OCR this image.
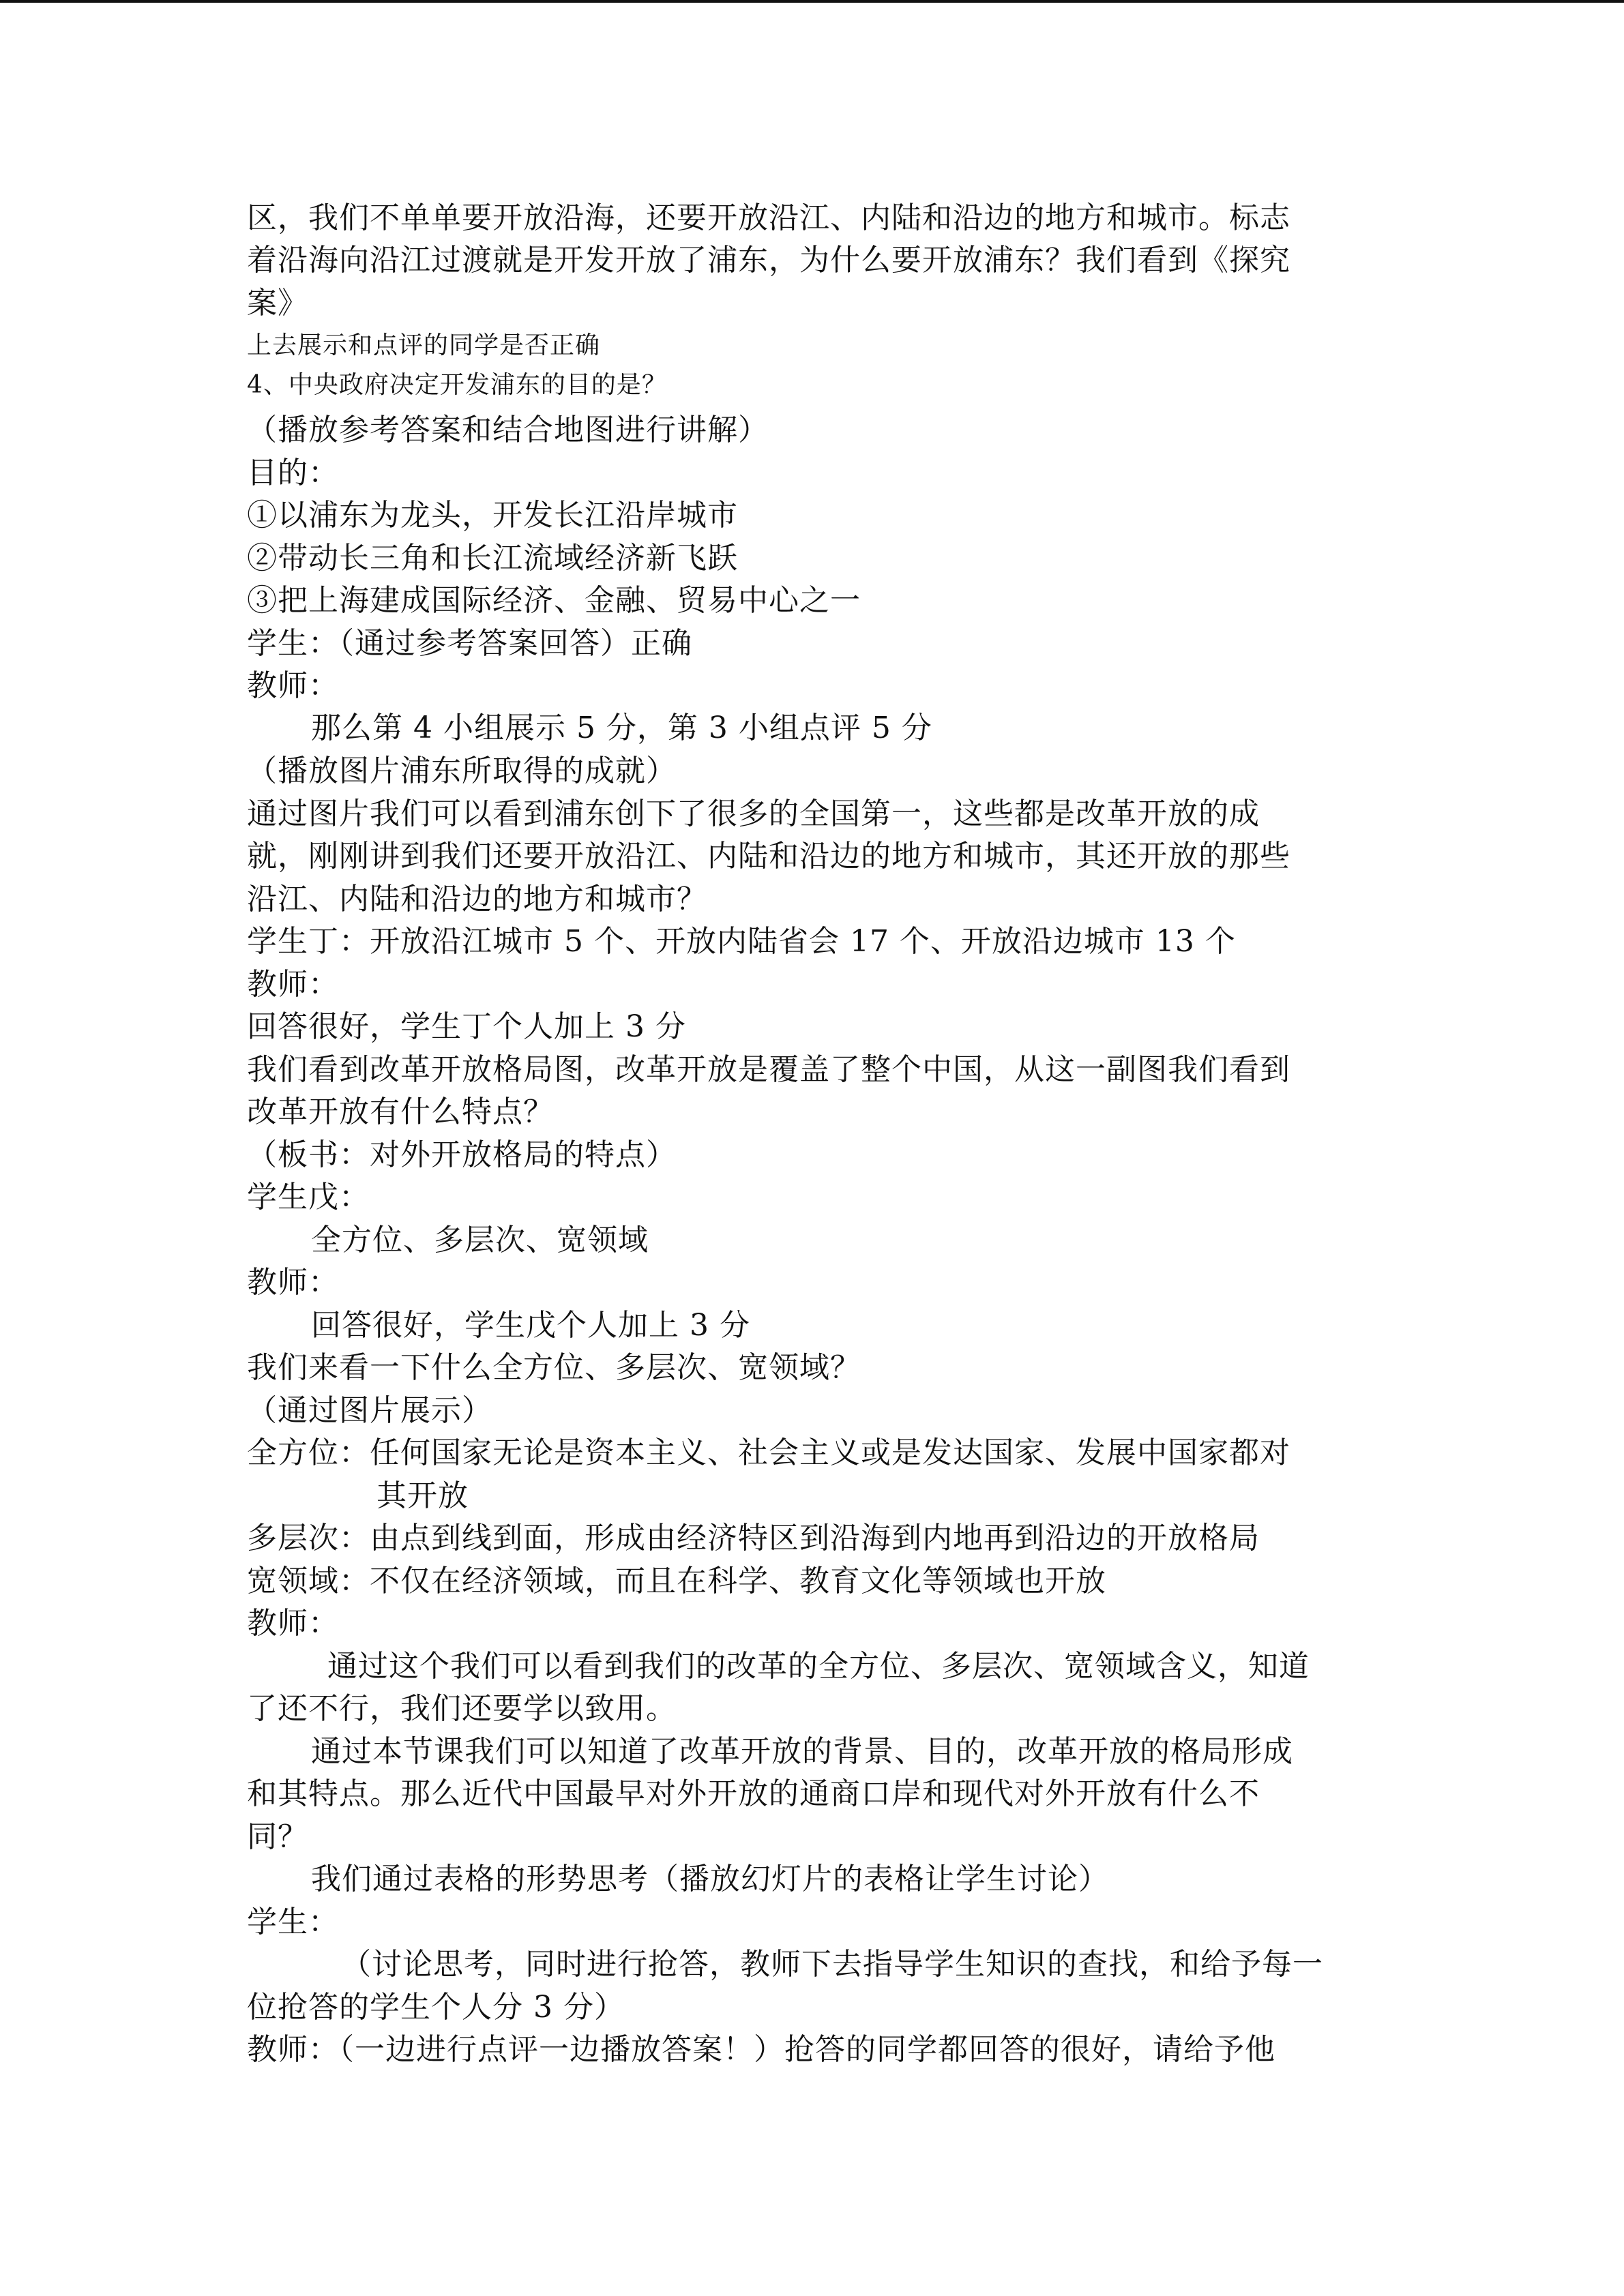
区，我们不单单要开放沿海，还要开放沿江、内陆和沿边的地方和城市。标志
着沿海向沿江过渡就是开发开放了浦东，为什么要开放浦东？我们看到《探究
案》
上去展示和点评的同学是否正确
4、中央政府决定开发浦东的目的是？
（播放参考答案和结合地图进行讲解）
目的：
①以浦东为龙头，开发长江沿岸城市
②带动长三角和长江流域经济新飞跃
③把上海建成国际经济、金融、贸易中心之一
学生：（通过参考答案回答）正确
教师：
那么第 4 小组展示 5 分，第 3 小组点评 5 分
（播放图片浦东所取得的成就）
通过图片我们可以看到浦东创下了很多的全国第一，这些都是改革开放的成
就，刚刚讲到我们还要开放沿江、内陆和沿边的地方和城市，其还开放的那些
沿江、内陆和沿边的地方和城市？
学生丁：开放沿江城市 5 个、开放内陆省会 17 个、开放沿边城市 13 个
教师：
回答很好，学生丁个人加上 3 分
我们看到改革开放格局图，改革开放是覆盖了整个中国，从这一副图我们看到
改革开放有什么特点？
（板书：对外开放格局的特点）
学生戊：
全方位、多层次、宽领域
教师：
回答很好，学生戊个人加上 3 分
我们来看一下什么全方位、多层次、宽领域？
（通过图片展示）
全方位：任何国家无论是资本主义、社会主义或是发达国家、发展中国家都对
其开放
多层次：由点到线到面，形成由经济特区到沿海到内地再到沿边的开放格局
宽领域：不仅在经济领域，而且在科学、教育文化等领域也开放
教师：
通过这个我们可以看到我们的改革的全方位、多层次、宽领域含义，知道
了还不行，我们还要学以致用。
通过本节课我们可以知道了改革开放的背景、目的，改革开放的格局形成
和其特点。那么近代中国最早对外开放的通商口岸和现代对外开放有什么不
同？
我们通过表格的形势思考（播放幻灯片的表格让学生讨论）
学生：
（讨论思考，同时进行抢答，教师下去指导学生知识的查找，和给予每一
位抢答的学生个人分 3 分）
教师：（一边进行点评一边播放答案！）抢答的同学都回答的很好，请给予他
